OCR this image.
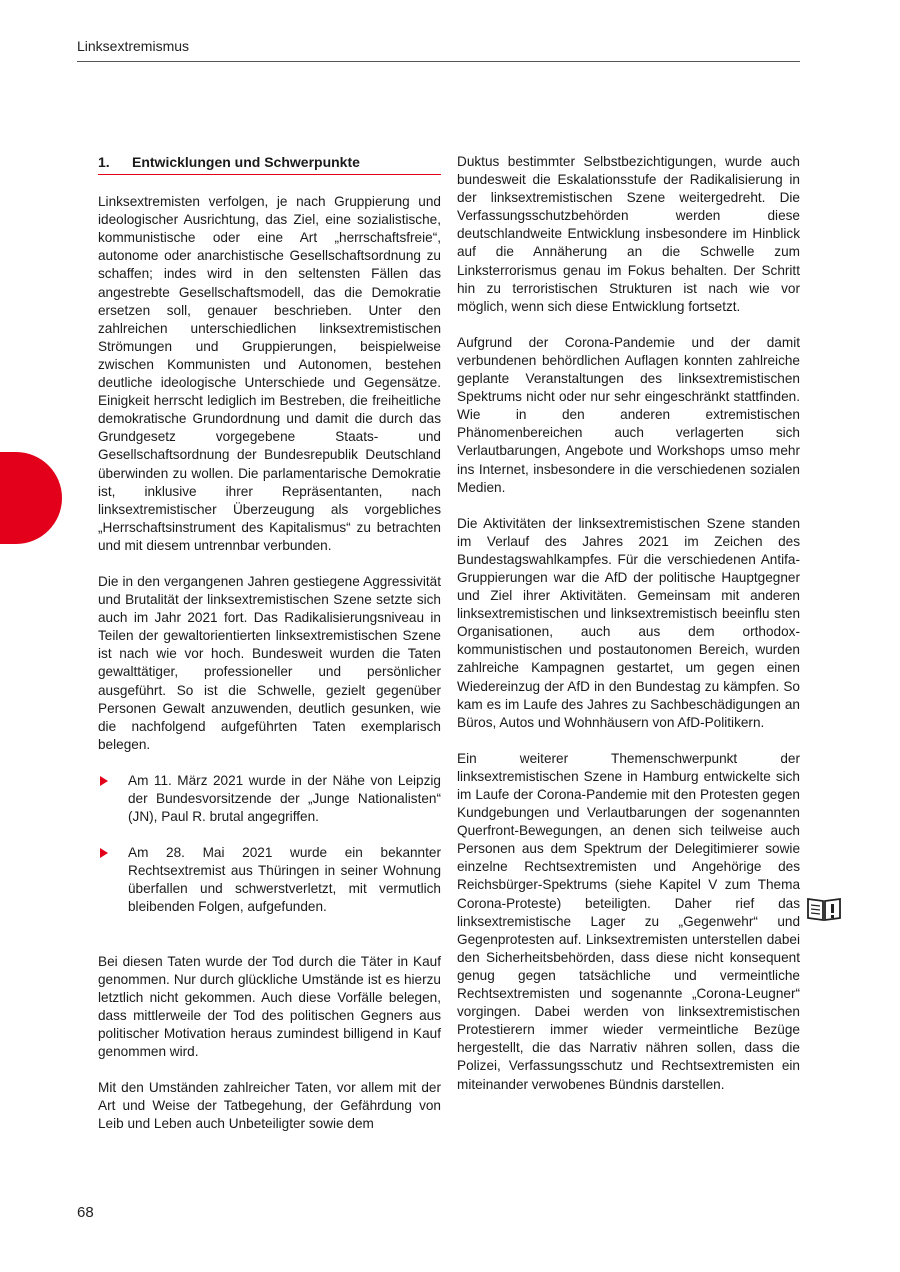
Linksextremismus
1.	Entwicklungen und Schwerpunkte

Linksextremisten verfolgen, je nach Gruppierung und ideologischer Ausrichtung, das Ziel, eine sozialistische, kommunistische oder eine Art „herrschaftsfreie“, autonome oder anarchistische Gesellschaftsordnung zu schaffen; indes wird in den seltensten Fällen das angestrebte Gesellschaftsmodell, das die Demokratie ersetzen soll, genauer beschrieben. Unter den zahlreichen unterschiedlichen linksextremistischen Strömungen und Gruppierungen, beispielweise zwischen Kommunisten und Autonomen, bestehen deutliche ideologische Unterschiede und Gegensätze. Einigkeit herrscht lediglich im Bestreben, die freiheitliche demokratische Grundordnung und damit die durch das Grundgesetz vorgegebene Staats- und Gesellschaftsordnung der Bundesrepublik Deutschland überwinden zu wollen. Die parlamentarische Demokratie ist, inklusive ihrer Repräsentanten, nach linksextremistischer Überzeugung als vorgebliches „Herrschaftsinstrument des Kapitalismus“ zu betrachten und mit diesem untrennbar verbunden.

Die in den vergangenen Jahren gestiegene Aggressivität und Brutalität der linksextremistischen Szene setzte sich auch im Jahr 2021 fort. Das Radikalisierungsniveau in Teilen der gewaltorientierten linksextremistischen Szene ist nach wie vor hoch. Bundesweit wurden die Taten gewalttätiger, professioneller und persönlicher ausgeführt. So ist die Schwelle, gezielt gegenüber Personen Gewalt anzuwenden, deutlich gesunken, wie die nachfolgend aufgeführten Taten exemplarisch belegen.

Am 11. März 2021 wurde in der Nähe von Leipzig der Bundesvorsitzende der „Junge Nationalisten“ (JN), Paul R. brutal angegriffen.
Am 28. Mai 2021 wurde ein bekannter Rechtsextremist aus Thüringen in seiner Wohnung überfallen und schwerstverletzt, mit vermutlich bleibenden Folgen, aufgefunden.

Bei diesen Taten wurde der Tod durch die Täter in Kauf genommen. Nur durch glückliche Umstände ist es hierzu letztlich nicht gekommen. Auch diese Vorfälle belegen, dass mittlerweile der Tod des politischen Gegners aus politischer Motivation heraus zumindest billigend in Kauf genommen wird.

Mit den Umständen zahlreicher Taten, vor allem mit der Art und Weise der Tatbegehung, der Gefährdung von Leib und Leben auch Unbeteiligter sowie dem

Duktus bestimmter Selbstbezichtigungen, wurde auch bundesweit die Eskalationsstufe der Radikalisierung in der linksextremistischen Szene weitergedreht. Die Verfassungsschutzbehörden werden diese deutschlandweite Entwicklung insbesondere im Hinblick auf die Annäherung an die Schwelle zum Linksterrorismus genau im Fokus behalten. Der Schritt hin zu terroristischen Strukturen ist nach wie vor möglich, wenn sich diese Entwicklung fortsetzt.

Aufgrund der Corona-Pandemie und der damit verbundenen behördlichen Auflagen konnten zahlreiche geplante Veranstaltungen des linksextremistischen Spektrums nicht oder nur sehr eingeschränkt stattfinden. Wie in den anderen extremistischen Phänomenbereichen auch verlagerten sich Verlautbarungen, Angebote und Workshops umso mehr ins Internet, insbesondere in die verschiedenen sozialen Medien.

Die Aktivitäten der linksextremistischen Szene standen im Verlauf des Jahres 2021 im Zeichen des Bundestagswahlkampfes. Für die verschiedenen Antifa-Gruppierungen war die AfD der politische Hauptgegner und Ziel ihrer Aktivitäten. Gemeinsam mit anderen linksextremistischen und linksextremistisch beeinflu sten Organisationen, auch aus dem orthodox-kommunistischen und postautonomen Bereich, wurden zahlreiche Kampagnen gestartet, um gegen einen Wiedereinzug der AfD in den Bundestag zu kämpfen. So kam es im Laufe des Jahres zu Sachbeschädigungen an Büros, Autos und Wohnhäusern von AfD-Politikern.

Ein weiterer Themenschwerpunkt der linksextremistischen Szene in Hamburg entwickelte sich im Laufe der Corona-Pandemie mit den Protesten gegen Kundgebungen und Verlautbarungen der sogenannten Querfront-Bewegungen, an denen sich teilweise auch Personen aus dem Spektrum der Delegitimierer sowie einzelne Rechtsextremisten und Angehörige des Reichsbürger-Spektrums (siehe Kapitel V zum Thema Corona-Proteste) beteiligten. Daher rief das linksextremistische Lager zu „Gegenwehr“ und Gegenprotesten auf. Linksextremisten unterstellen dabei den Sicherheitsbehörden, dass diese nicht konsequent genug gegen tatsächliche und vermeintliche Rechtsextremisten und sogenannte „Corona-Leugner“ vorgingen. Dabei werden von linksextremistischen Protestierern immer wieder vermeintliche Bezüge hergestellt, die das Narrativ nähren sollen, dass die Polizei, Verfassungsschutz und Rechtsextremisten ein miteinander verwobenes Bündnis darstellen.

68
